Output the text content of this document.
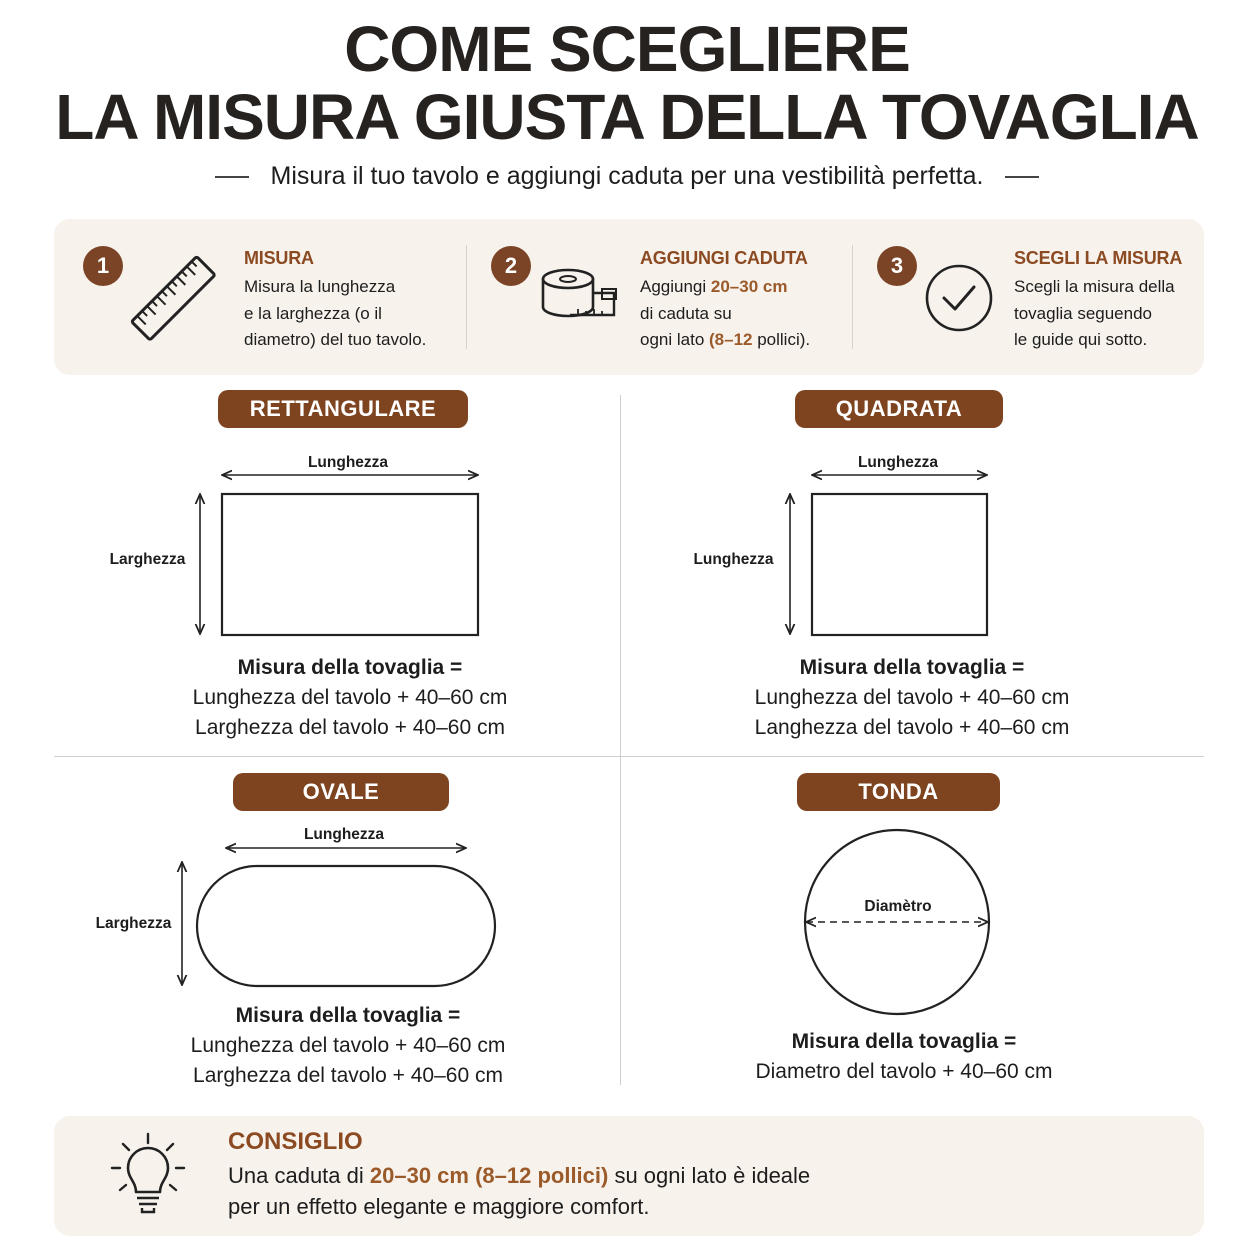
COME SCEGLIERE
LA MISURA GIUSTA DELLA TOVAGLIA
Misura il tuo tavolo e aggiungi caduta per una vestibilità perfetta.
1	MISURA
Misura la lunghezza
e la larghezza (o il
diametro) del tuo tavolo.
2	AGGIUNGI CADUTA
Aggiungi 20–30 cm
di caduta su
ogni lato (8–12 pollici).
3	SCEGLI LA MISURA
Scegli la misura della
tovaglia seguendo
le guide qui sotto.
RETTANGULARE
Lunghezza
Larghezza
Misura della tovaglia =
Lunghezza del tavolo + 40–60 cm
Larghezza del tavolo + 40–60 cm
QUADRATA
Lunghezza
Lunghezza
Misura della tovaglia =
Lunghezza del tavolo + 40–60 cm
Langhezza del tavolo + 40–60 cm
OVALE
Lunghezza
Larghezza
Misura della tovaglia =
Lunghezza del tavolo + 40–60 cm
Larghezza del tavolo + 40–60 cm
TONDA
Diamètro
Misura della tovaglia =
Diametro del tavolo + 40–60 cm
CONSIGLIO
Una caduta di 20–30 cm (8–12 pollici) su ogni lato è ideale
per un effetto elegante e maggiore comfort.
